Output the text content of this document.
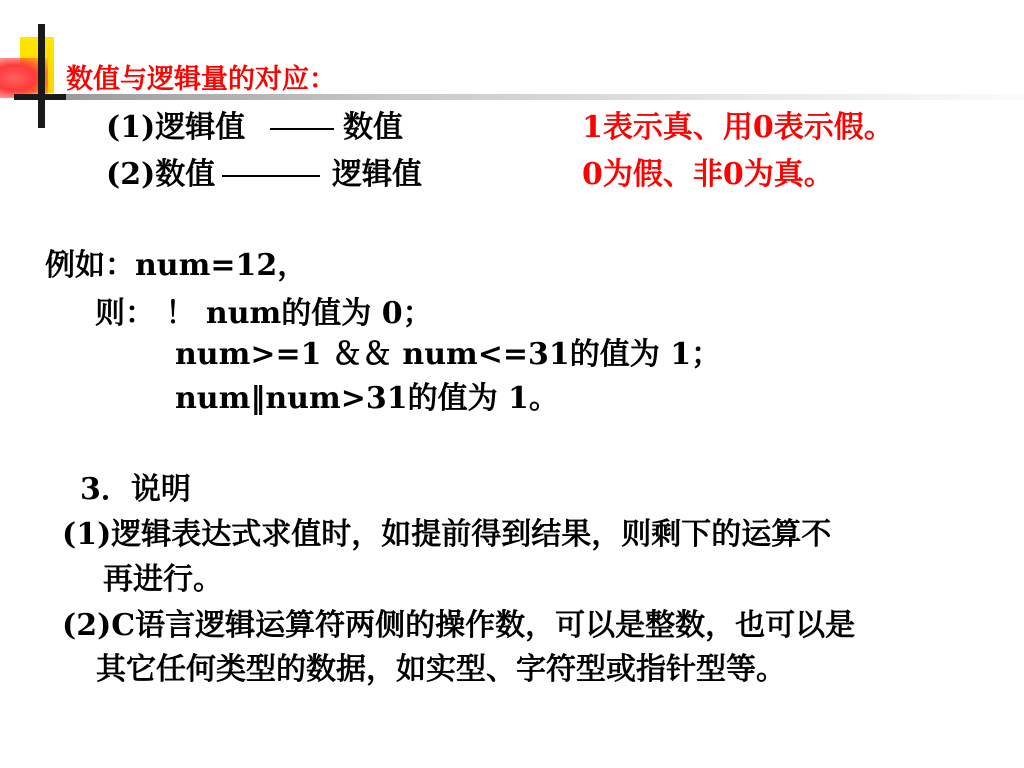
数值与逻辑量的对应：
(1)逻辑值	数值	1表示真、用0表示假。
(2)数值	逻辑值	0为假、非0为真。
例如：num=12，
则： ！ num的值为 0；
num>=1 ＆＆ num<=31的值为 1；
num‖num>31的值为 1。
3．说明
(1)逻辑表达式求值时，如提前得到结果，则剩下的运算不
再进行。
(2)C语言逻辑运算符两侧的操作数，可以是整数，也可以是
其它任何类型的数据，如实型、字符型或指针型等。
